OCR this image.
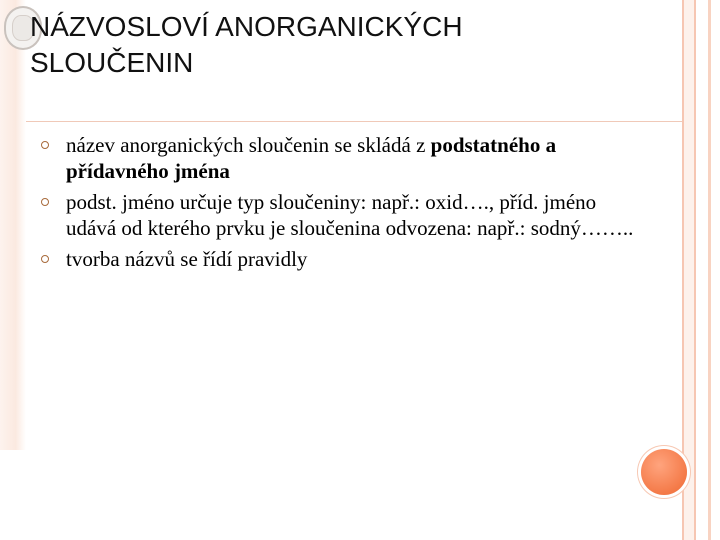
NÁZVOSLOVÍ ANORGANICKÝCH SLOUČENIN
název anorganických sloučenin se skládá z podstatného a přídavného jména
podst. jméno určuje typ sloučeniny: např.: oxid…., příd. jméno udává od kterého prvku je sloučenina odvozena: např.: sodný……..
tvorba názvů se řídí pravidly
